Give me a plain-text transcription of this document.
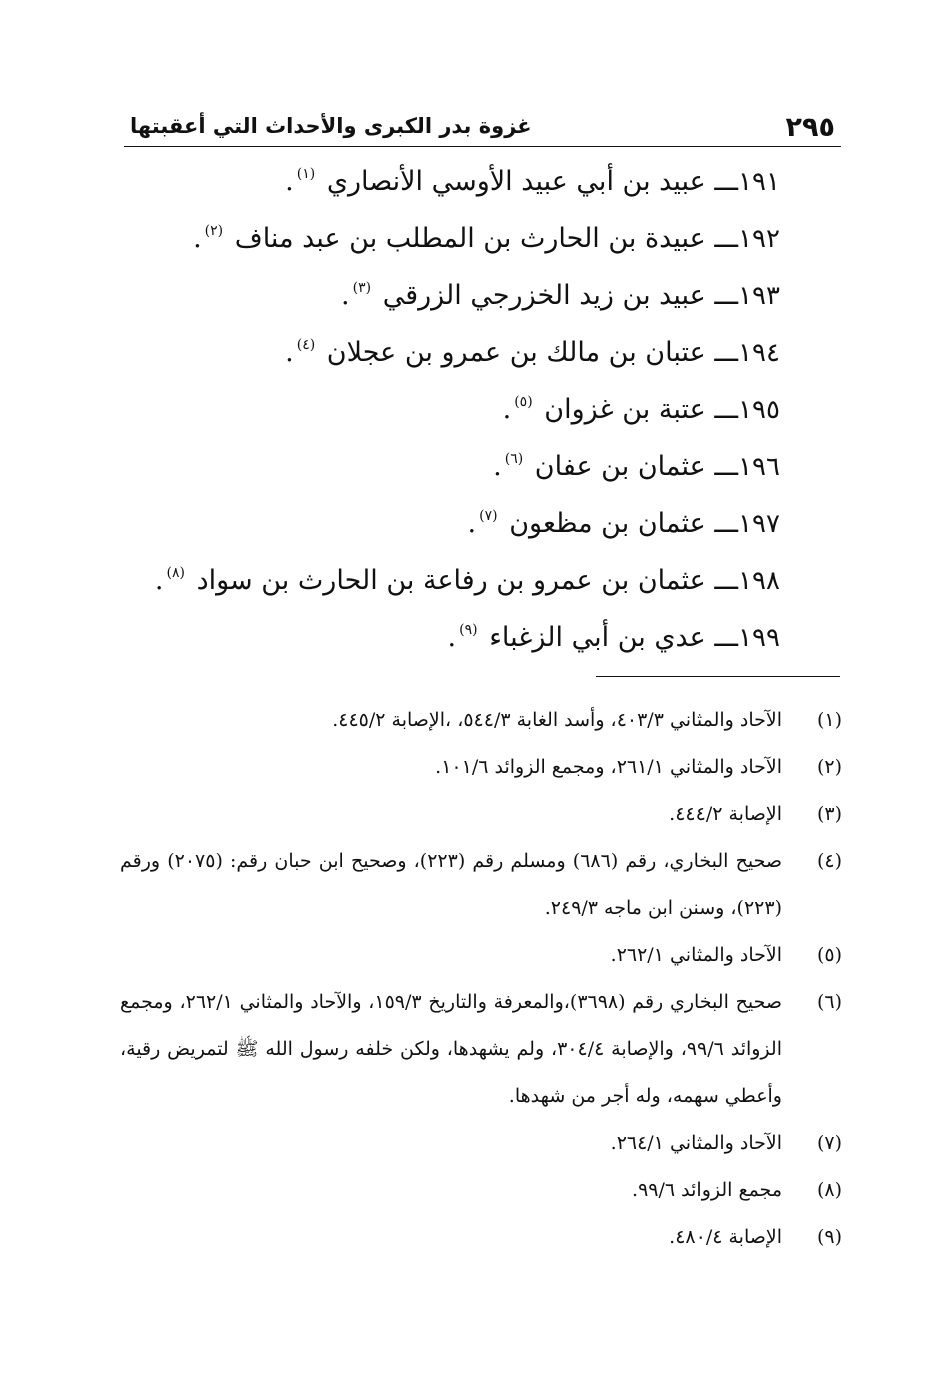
٢٩٥
غزوة بدر الكبرى والأحداث التي أعقبتها
١٩١ـــ عبيد بن أبي عبيد الأوسي الأنصاري $^{(١)}$.
١٩٢ـــ عبيدة بن الحارث بن المطلب بن عبد مناف $^{(٢)}$.
١٩٣ـــ عبيد بن زيد الخزرجي الزرقي $^{(٣)}$.
١٩٤ـــ عتبان بن مالك بن عمرو بن عجلان $^{(٤)}$.
١٩٥ـــ عتبة بن غزوان $^{(٥)}$.
١٩٦ـــ عثمان بن عفان $^{(٦)}$.
١٩٧ـــ عثمان بن مظعون $^{(٧)}$.
١٩٨ـــ عثمان بن عمرو بن رفاعة بن الحارث بن سواد $^{(٨)}$.
١٩٩ـــ عدي بن أبي الزغباء $^{(٩)}$.
(١)
الآحاد والمثاني ٤٠٣/٣، وأسد الغابة ٥٤٤/٣، ،الإصابة ٤٤٥/٢.
(٢)
الآحاد والمثاني ٢٦١/١، ومجمع الزوائد ١٠١/٦.
(٣)
الإصابة ٤٤٤/٢.
(٤)
صحيح البخاري، رقم (٦٨٦) ومسلم رقم (٢٢٣)، وصحيح ابن حبان رقم: (٢٠٧٥) ورقم (٢٢٣)، وسنن ابن ماجه ٢٤٩/٣.
(٥)
الآحاد والمثاني ٢٦٢/١.
(٦)
صحيح البخاري رقم (٣٦٩٨)،والمعرفة والتاريخ ١٥٩/٣، والآحاد والمثاني ٢٦٢/١، ومجمع الزوائد ٩٩/٦، والإصابة ٣٠٤/٤، ولم يشهدها، ولكن خلفه رسول الله ﷺ لتمريض رقية، وأعطي سهمه، وله أجر من شهدها.
(٧)
الآحاد والمثاني ٢٦٤/١.
(٨)
مجمع الزوائد ٩٩/٦.
(٩)
الإصابة ٤٨٠/٤.
